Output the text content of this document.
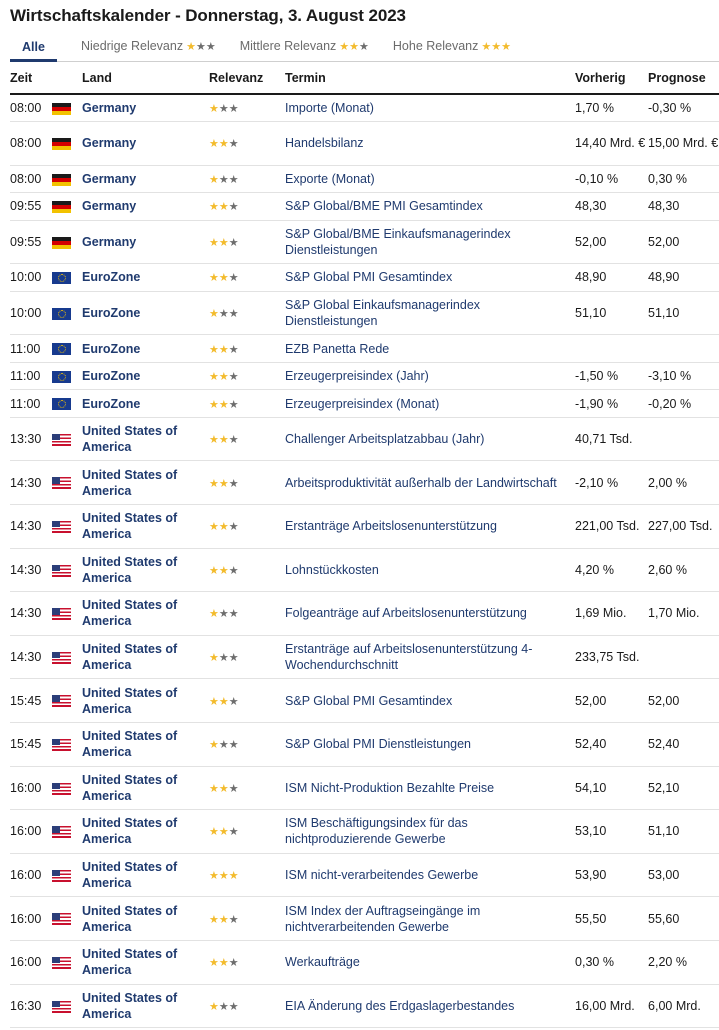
Wirtschaftskalender - Donnerstag, 3. August 2023
Alle	Niedrige Relevanz ★★★ Mittlere Relevanz ★★★ Hohe Relevanz ★★★
Zeit		Land	Relevanz	Termin	Vorherig	Prognose
08:00		Germany	★★★	Importe (Monat)	1,70 %	-0,30 %
08:00		Germany	★★★	Handelsbilanz	14,40 Mrd. €	15,00 Mrd. €
08:00		Germany	★★★	Exporte (Monat)	-0,10 %	0,30 %
09:55		Germany	★★★	S&P Global/BME PMI Gesamtindex	48,30	48,30
09:55		Germany	★★★	S&P Global/BME Einkaufsmanagerindex Dienstleistungen	52,00	52,00
10:00		EuroZone	★★★	S&P Global PMI Gesamtindex	48,90	48,90
10:00		EuroZone	★★★	S&P Global Einkaufsmanagerindex Dienstleistungen	51,10	51,10
11:00		EuroZone	★★★	EZB Panetta Rede		
11:00		EuroZone	★★★	Erzeugerpreisindex (Jahr)	-1,50 %	-3,10 %
11:00		EuroZone	★★★	Erzeugerpreisindex (Monat)	-1,90 %	-0,20 %
13:30		United States of America	★★★	Challenger Arbeitsplatzabbau (Jahr)	40,71 Tsd.	
14:30		United States of America	★★★	Arbeitsproduktivität außerhalb der Landwirtschaft	-2,10 %	2,00 %
14:30		United States of America	★★★	Erstanträge Arbeitslosenunterstützung	221,00 Tsd.	227,00 Tsd.
14:30		United States of America	★★★	Lohnstückkosten	4,20 %	2,60 %
14:30		United States of America	★★★	Folgeanträge auf Arbeitslosenunterstützung	1,69 Mio.	1,70 Mio.
14:30		United States of America	★★★	Erstanträge auf Arbeitslosenunterstützung 4-Wochendurchschnitt	233,75 Tsd.	
15:45		United States of America	★★★	S&P Global PMI Gesamtindex	52,00	52,00
15:45		United States of America	★★★	S&P Global PMI Dienstleistungen	52,40	52,40
16:00		United States of America	★★★	ISM Nicht-Produktion Bezahlte Preise	54,10	52,10
16:00		United States of America	★★★	ISM Beschäftigungsindex für das nichtproduzierende Gewerbe	53,10	51,10
16:00		United States of America	★★★	ISM nicht-verarbeitendes Gewerbe	53,90	53,00
16:00		United States of America	★★★	ISM Index der Auftragseingänge im nichtverarbeitenden Gewerbe	55,50	55,60
16:00		United States of America	★★★	Werkaufträge	0,30 %	2,20 %
16:30		United States of America	★★★	EIA Änderung des Erdgaslagerbestandes	16,00 Mrd.	6,00 Mrd.
